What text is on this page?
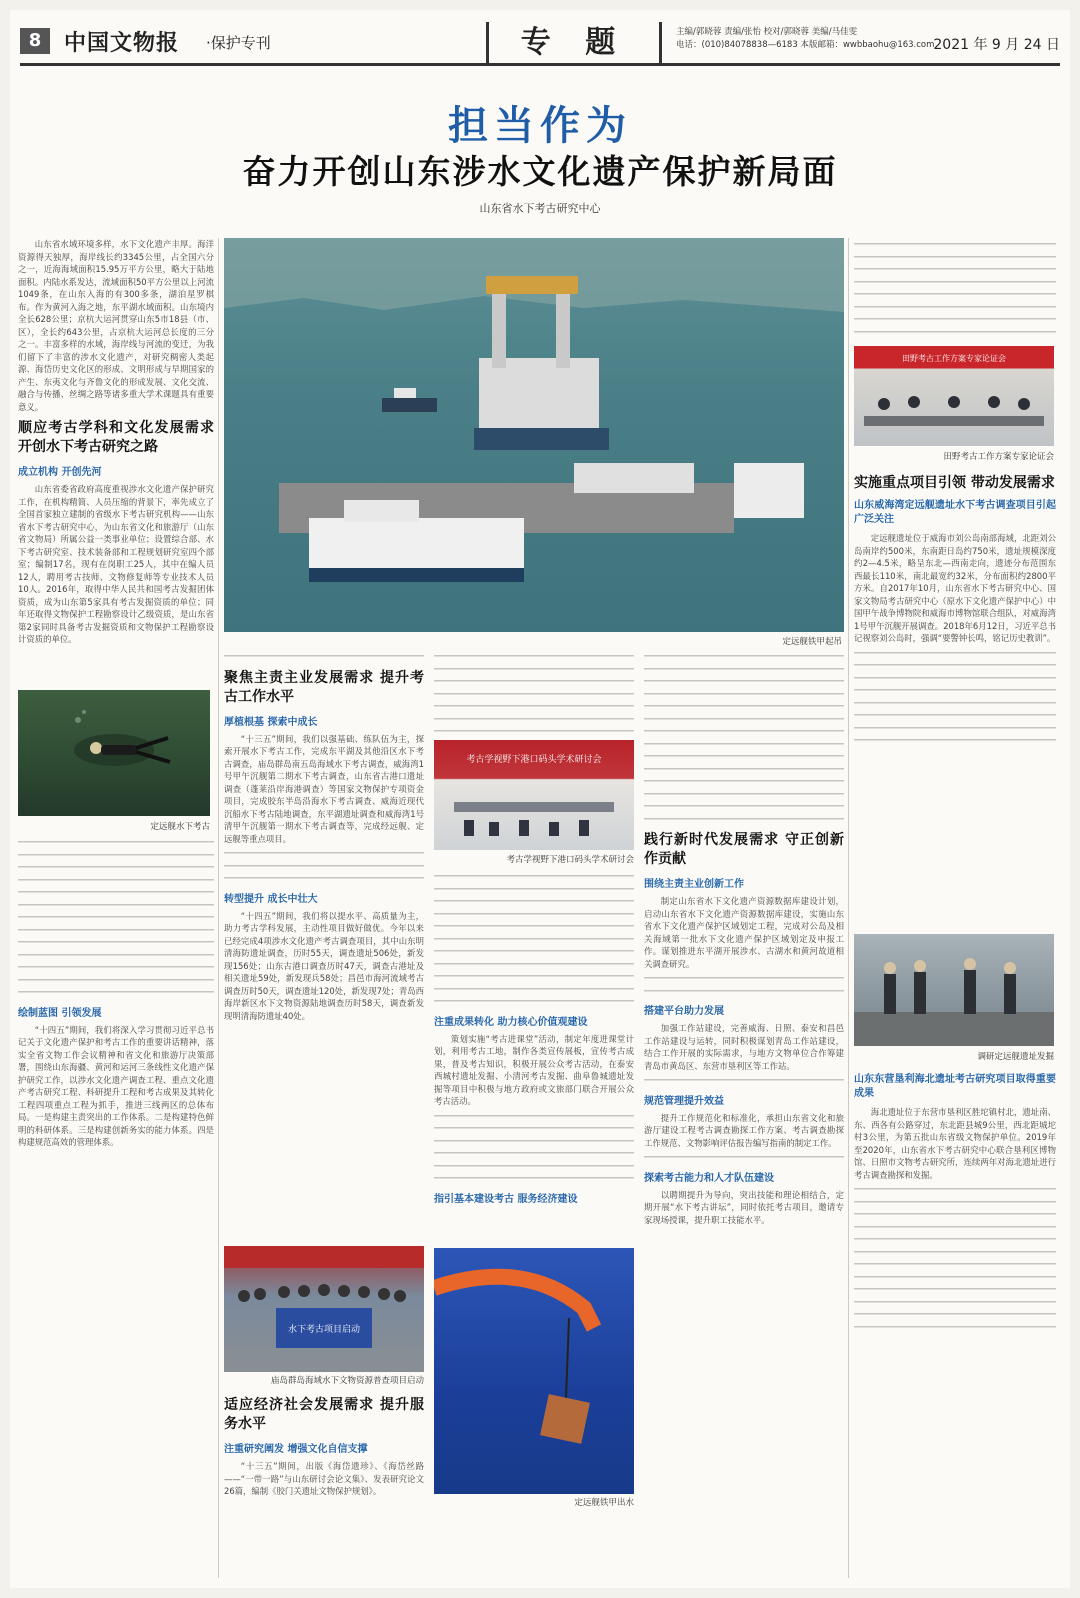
8	中国文物报 ·保护专刊	专 题	主编/郭晓蓉 责编/张怡 校对/郭晓蓉 美编/马佳雯
电话：(010)84078838—6183 本版邮箱：wwbbaohu@163.com
2021 年 9 月 24 日
担当作为
奋力开创山东涉水文化遗产保护新局面
山东省水下考古研究中心

山东省水域环境多样，水下文化遗产丰厚。海洋资源得天独厚，海岸线长约3345公里，占全国六分之一，近海海域面积15.95万平方公里，略大于陆地面积。内陆水系发达，流域面积50平方公里以上河流1049条，在山东入海的有300多条，湖泊星罗棋布。作为黄河入海之地，东平湖水域面积。山东境内全长628公里；京杭大运河贯穿山东5市18县（市、区），全长约643公里，占京杭大运河总长度的三分之一。丰富多样的水域，海岸线与河流的变迁，为我们留下了丰富的涉水文化遗产，对研究稠密人类起源、海岱历史文化区的形成、文明形成与早期国家的产生、东夷文化与齐鲁文化的形成发展、文化交流、融合与传播、丝绸之路等诸多重大学术课题具有重要意义。

顺应考古学科和文化发展需求 开创水下考古研究之路
成立机构 开创先河

山东省委省政府高度重视涉水文化遗产保护研究工作，在机构精简、人员压缩的背景下，率先成立了全国首家独立建制的省级水下考古研究机构——山东省水下考古研究中心，为山东省文化和旅游厅（山东省文物局）所属公益一类事业单位；设置综合部、水下考古研究室、技术装备部和工程规划研究室四个部室；编制17名，现有在岗职工25人，其中在编人员12人，聘用考古技师、文物修复师等专业技术人员10人。2016年，取得中华人民共和国考古发掘团体资质，成为山东第5家具有考古发掘资质的单位；同年还取得文物保护工程勘察设计乙级资质，是山东省第2家同时具备考古发掘资质和文物保护工程勘察设计资质的单位。

定远舰水下考古
绘制蓝图 引领发展

“十四五”期间，我们将深入学习贯彻习近平总书记关于文化遗产保护和考古工作的重要讲话精神，落实全省文物工作会议精神和省文化和旅游厅决策部署，围绕山东海疆、黄河和运河三条线性文化遗产保护研究工作，以涉水文化遗产调查工程、重点文化遗产考古研究工程、科研提升工程和考古成果及其转化工程四项重点工程为抓手，推进三线两区的总体布局。一是构建主责突出的工作体系。二是构建特色鲜明的科研体系。三是构建创新务实的能力体系。四是构建规范高效的管理体系。

定远舰铁甲起吊
聚焦主责主业发展需求 提升考古工作水平
厚植根基 探索中成长

“十三五”期间，我们以强基础、练队伍为主，探索开展水下考古工作，完成东平湖及其他沿区水下考古调查，庙岛群岛南五岛海域水下考古调查，威海湾1号甲午沉舰第二期水下考古调查，山东省古港口遗址调查（蓬莱沿岸海港调查）等国家文物保护专项资金项目，完成胶东半岛沿海水下考古调查、威海近现代沉船水下考古陆地调查，东平湖遗址调查和威海湾1号清甲午沉舰第一期水下考古调查等，完成经远舰、定远舰等重点项目。

转型提升 成长中壮大

“十四五”期间，我们将以提水平、高质量为主，助力考古学科发展，主动性项目做好做优。今年以来已经完成4项涉水文化遗产考古调查项目，其中山东明清海防遗址调查，历时55天，调查遗址506处，新发现156处；山东古港口调查历时47天，调查古港址及相关遗址59处，新发现兵58处；昌邑市海河流域考古调查历时50天，调查遗址120处，新发现7处；青岛西海岸新区水下文物资源陆地调查历时58天，调查新发现明清海防遗址40处。

水下考古项目启动
庙岛群岛海域水下文物资源普查项目启动
适应经济社会发展需求 提升服务水平
注重研究阐发 增强文化自信支撑

“十三五”期间，出版《海岱遗珍》、《海岱丝路——“一带一路”与山东研讨会论文集》、发表研究论文26篇，编制《胶门关遗址文物保护规划》。

考古学视野下港口码头学术研讨会
考古学视野下港口码头学术研讨会
注重成果转化 助力核心价值观建设

策划实施“考古进课堂”活动，制定年度进课堂计划，利用考古工地，制作各类宣传展板，宣传考古成果，普及考古知识，积极开展公众考古活动，在泰安西城村遗址发掘、小清河考古发掘、曲阜鲁城遗址发掘等项目中积极与地方政府或文旅部门联合开展公众考古活动。

指引基本建设考古 服务经济建设
定远舰铁甲出水
践行新时代发展需求 守正创新作贡献
围绕主责主业创新工作

制定山东省水下文化遗产资源数据库建设计划，启动山东省水下文化遗产资源数据库建设，实施山东省水下文化遗产保护区域划定工程，完成对公岛及相关海域第一批水下文化遗产保护区域划定及申报工作。谋划推进东平湖开展涉水、古湖水和黄河故道相关调查研究。

搭建平台助力发展

加强工作站建设，完善威海、日照、泰安和昌邑工作站建设与运转，同时积极谋划青岛工作站建设，结合工作开展的实际需求，与地方文物单位合作筹建青岛市黄岛区、东营市垦利区等工作站。

规范管理提升效益

提升工作规范化和标准化，承担山东省文化和旅游厅建设工程考古调查勘探工作方案、考古调查勘探工作规范、文物影响评估报告编写指南的制定工作。

探索考古能力和人才队伍建设

以聘期提升为导向，突出技能和理论相结合，定期开展“水下考古讲坛”，同时依托考古项目，邀请专家现场授课，提升职工技能水平。

田野考古工作方案专家论证会
田野考古工作方案专家论证会
实施重点项目引领 带动发展需求
山东威海湾定远舰遗址水下考古调查项目引起广泛关注

定远舰遗址位于威海市刘公岛南部海域，北距刘公岛南岸约500米，东南距日岛约750米，遗址规模深度约2—4.5米，略呈东北—西南走向，遗迹分布范围东西最长110米，南北最宽约32米，分布面积约2800平方米。自2017年10月，山东省水下考古研究中心、国家文物局考古研究中心（原水下文化遗产保护中心）中国甲午战争博物院和威海市博物馆联合组队，对威海湾1号甲午沉舰开展调查。2018年6月12日，习近平总书记视察刘公岛时，强调“要警钟长鸣，铭记历史教训”。

调研定远舰遗址发掘
山东东营垦利海北遗址考古研究项目取得重要成果

海北遗址位于东营市垦利区胜坨镇村北，遗址南、东、西各有公路穿过，东北距县城9公里，西北距城坨村3公里，为第五批山东省级文物保护单位。2019年至2020年，山东省水下考古研究中心联合垦利区博物馆、日照市文物考古研究所，连续两年对海北遗址进行考古调查勘探和发掘。
